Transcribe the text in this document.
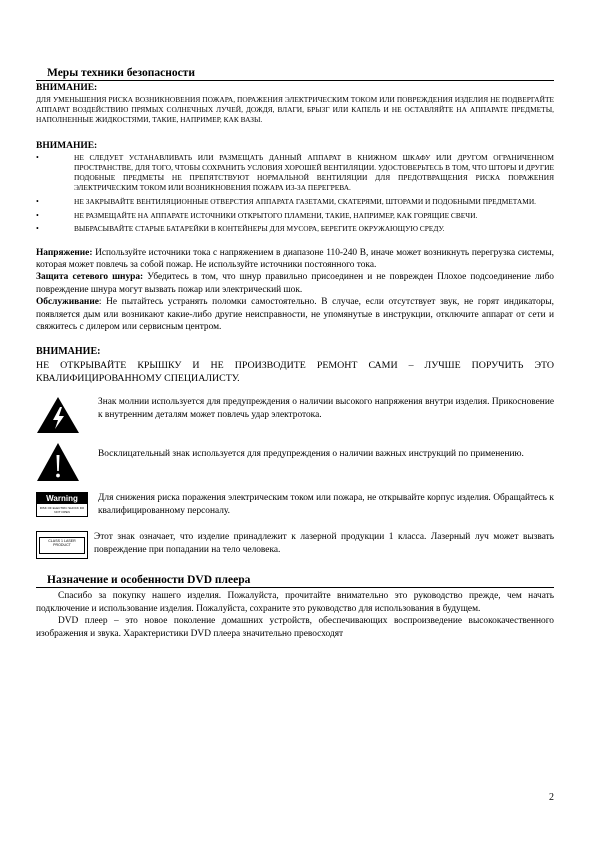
Меры техники безопасности
ВНИМАНИЕ:

ДЛЯ УМЕНЬШЕНИЯ РИСКА ВОЗНИКНОВЕНИЯ ПОЖАРА, ПОРАЖЕНИЯ ЭЛЕКТРИЧЕСКИМ ТОКОМ ИЛИ ПОВРЕЖДЕНИЯ ИЗДЕЛИЯ НЕ ПОДВЕРГАЙТЕ АППАРАТ ВОЗДЕЙСТВИЮ ПРЯМЫХ СОЛНЕЧНЫХ ЛУЧЕЙ, ДОЖДЯ, ВЛАГИ, БРЫЗГ ИЛИ КАПЕЛЬ И НЕ ОСТАВЛЯЙТЕ НА АППАРАТЕ ПРЕДМЕТЫ, НАПОЛНЕННЫЕ ЖИДКОСТЯМИ, ТАКИЕ, НАПРИМЕР, КАК ВАЗЫ.

ВНИМАНИЕ:
•	НЕ СЛЕДУЕТ УСТАНАВЛИВАТЬ ИЛИ РАЗМЕЩАТЬ ДАННЫЙ АППАРАТ В КНИЖНОМ ШКАФУ ИЛИ ДРУГОМ ОГРАНИЧЕННОМ ПРОСТРАНСТВЕ, ДЛЯ ТОГО, ЧТОБЫ СОХРАНИТЬ УСЛОВИЯ ХОРОШЕЙ ВЕНТИЛЯЦИИ. УДОСТОВЕРЬТЕСЬ В ТОМ, ЧТО ШТОРЫ И ДРУГИЕ ПОДОБНЫЕ ПРЕДМЕТЫ НЕ ПРЕПЯТСТВУЮТ НОРМАЛЬНОЙ ВЕНТИЛЯЦИИ ДЛЯ ПРЕДОТВРАЩЕНИЯ РИСКА ПОРАЖЕНИЯ ЭЛЕКТРИЧЕСКИМ ТОКОМ ИЛИ ВОЗНИКНОВЕНИЯ ПОЖАРА ИЗ-ЗА ПЕРЕГРЕВА.
•	НЕ ЗАКРЫВАЙТЕ ВЕНТИЛЯЦИОННЫЕ ОТВЕРСТИЯ АППАРАТА ГАЗЕТАМИ, СКАТЕРЯМИ, ШТОРАМИ И ПОДОБНЫМИ ПРЕДМЕТАМИ.
•	НЕ РАЗМЕЩАЙТЕ НА АППАРАТЕ ИСТОЧНИКИ ОТКРЫТОГО ПЛАМЕНИ, ТАКИЕ, НАПРИМЕР, КАК ГОРЯЩИЕ СВЕЧИ.
•	ВЫБРАСЫВАЙТЕ СТАРЫЕ БАТАРЕЙКИ В КОНТЕЙНЕРЫ ДЛЯ МУСОРА, БЕРЕГИТЕ ОКРУЖАЮЩУЮ СРЕДУ.

Напряжение: Используйте источники тока с напряжением в диапазоне 110-240 В, иначе может возникнуть перегрузка системы, которая может повлечь за собой пожар. Не используйте источники постоянного тока.

Защита сетевого шнура: Убедитесь в том, что шнур правильно присоединен и не поврежден Плохое подсоединение либо повреждение шнура могут вызвать пожар или электрический шок.

Обслуживание: Не пытайтесь устранять поломки самостоятельно. В случае, если отсутствует звук, не горят индикаторы, появляется дым или возникают какие-либо другие неисправности, не упомянутые в инструкции, отключите аппарат от сети и свяжитесь с дилером или сервисным центром.

ВНИМАНИЕ:

НЕ ОТКРЫВАЙТЕ КРЫШКУ И НЕ ПРОИЗВОДИТЕ РЕМОНТ САМИ – ЛУЧШЕ ПОРУЧИТЬ ЭТО КВАЛИФИЦИРОВАННОМУ СПЕЦИАЛИСТУ.

Знак молнии используется для предупреждения о наличии высокого напряжения внутри изделия. Прикосновение к внутренним деталям может повлечь удар электротока.
Восклицательный знак используется для предупреждения о наличии важных инструкций по применению.
Warning
RISK OF ELECTRIC SHOCK DO NOT OPEN
Для снижения риска поражения электрическим током или пожара, не открывайте корпус изделия. Обращайтесь к квалифицированному персоналу.
CLASS 1 LASER PRODUCT
Этот знак означает, что изделие принадлежит к лазерной продукции 1 класса. Лазерный луч может вызвать повреждение при попадании на тело человека.
Назначение и особенности DVD плеера

Спасибо за покупку нашего изделия. Пожалуйста, прочитайте внимательно это руководство прежде, чем начать подключение и использование изделия. Пожалуйста, сохраните это руководство для использования в будущем.

DVD плеер – это новое поколение домашних устройств, обеспечивающих воспроизведение высококачественного изображения и звука. Характеристики DVD плеера значительно превосходят

2
